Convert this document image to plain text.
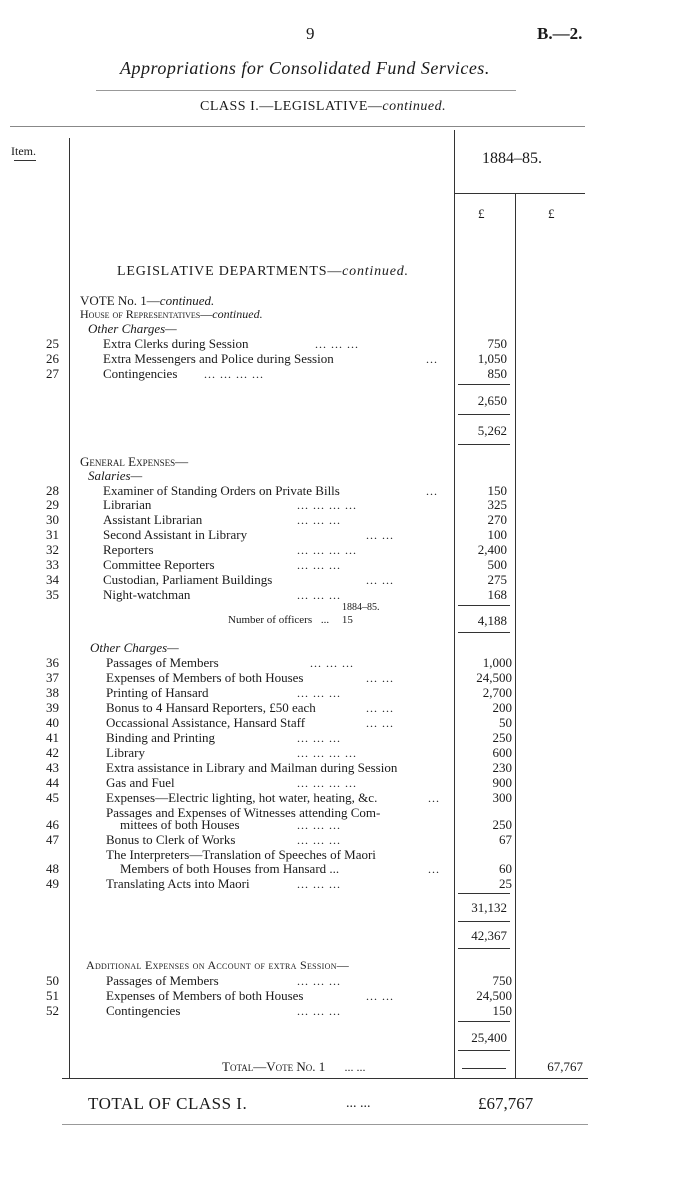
9	B.—2.
Appropriations for Consolidated Fund Services.
CLASS I.—LEGISLATIVE—continued.
Item.	1884–85.
£	£
LEGISLATIVE DEPARTMENTS—continued.
VOTE No. 1—continued.
House of Representatives—continued.
Other Charges—
25	Extra Clerks during Session	... ... ...	750
26	Extra Messengers and Police during Session	...	1,050
27	Contingencies ... ... ... ...	850
2,650
5,262
General Expenses—
Salaries—
28	Examiner of Standing Orders on Private Bills	...	150
29	Librarian	... ... ... ...	325
30	Assistant Librarian	... ... ...	270
31	Second Assistant in Library	... ...	100
32	Reporters	... ... ... ...	2,400
33	Committee Reporters	... ... ...	500
34	Custodian, Parliament Buildings	... ...	275
35	Night-watchman	... ... ...	168
1884–85.
Number of officers ... 15	4,188
Other Charges—
36	Passages of Members	... ... ...	1,000
37	Expenses of Members of both Houses	... ...	24,500
38	Printing of Hansard	... ... ...	2,700
39	Bonus to 4 Hansard Reporters, £50 each	... ...	200
40	Occassional Assistance, Hansard Staff	... ...	50
41	Binding and Printing	... ... ...	250
42	Library	... ... ... ...	600
43	Extra assistance in Library and Mailman during Session	230
44	Gas and Fuel	... ... ... ...	900
45	Expenses—Electric lighting, hot water, heating, &c.	...	300
Passages and Expenses of Witnesses attending Com-
46	mittees of both Houses	... ... ...	250
47	Bonus to Clerk of Works	... ... ...	67
The Interpreters—Translation of Speeches of Maori
48	Members of both Houses from Hansard ...	...	60
49	Translating Acts into Maori	... ... ...	25
31,132
42,367
Additional Expenses on Account of extra Session—
50	Passages of Members	... ... ...	750
51	Expenses of Members of both Houses	... ...	24,500
52	Contingencies	... ... ...	150
25,400
Total—Vote No. 1 ... ...	67,767
TOTAL OF CLASS I.	... ...	£67,767
